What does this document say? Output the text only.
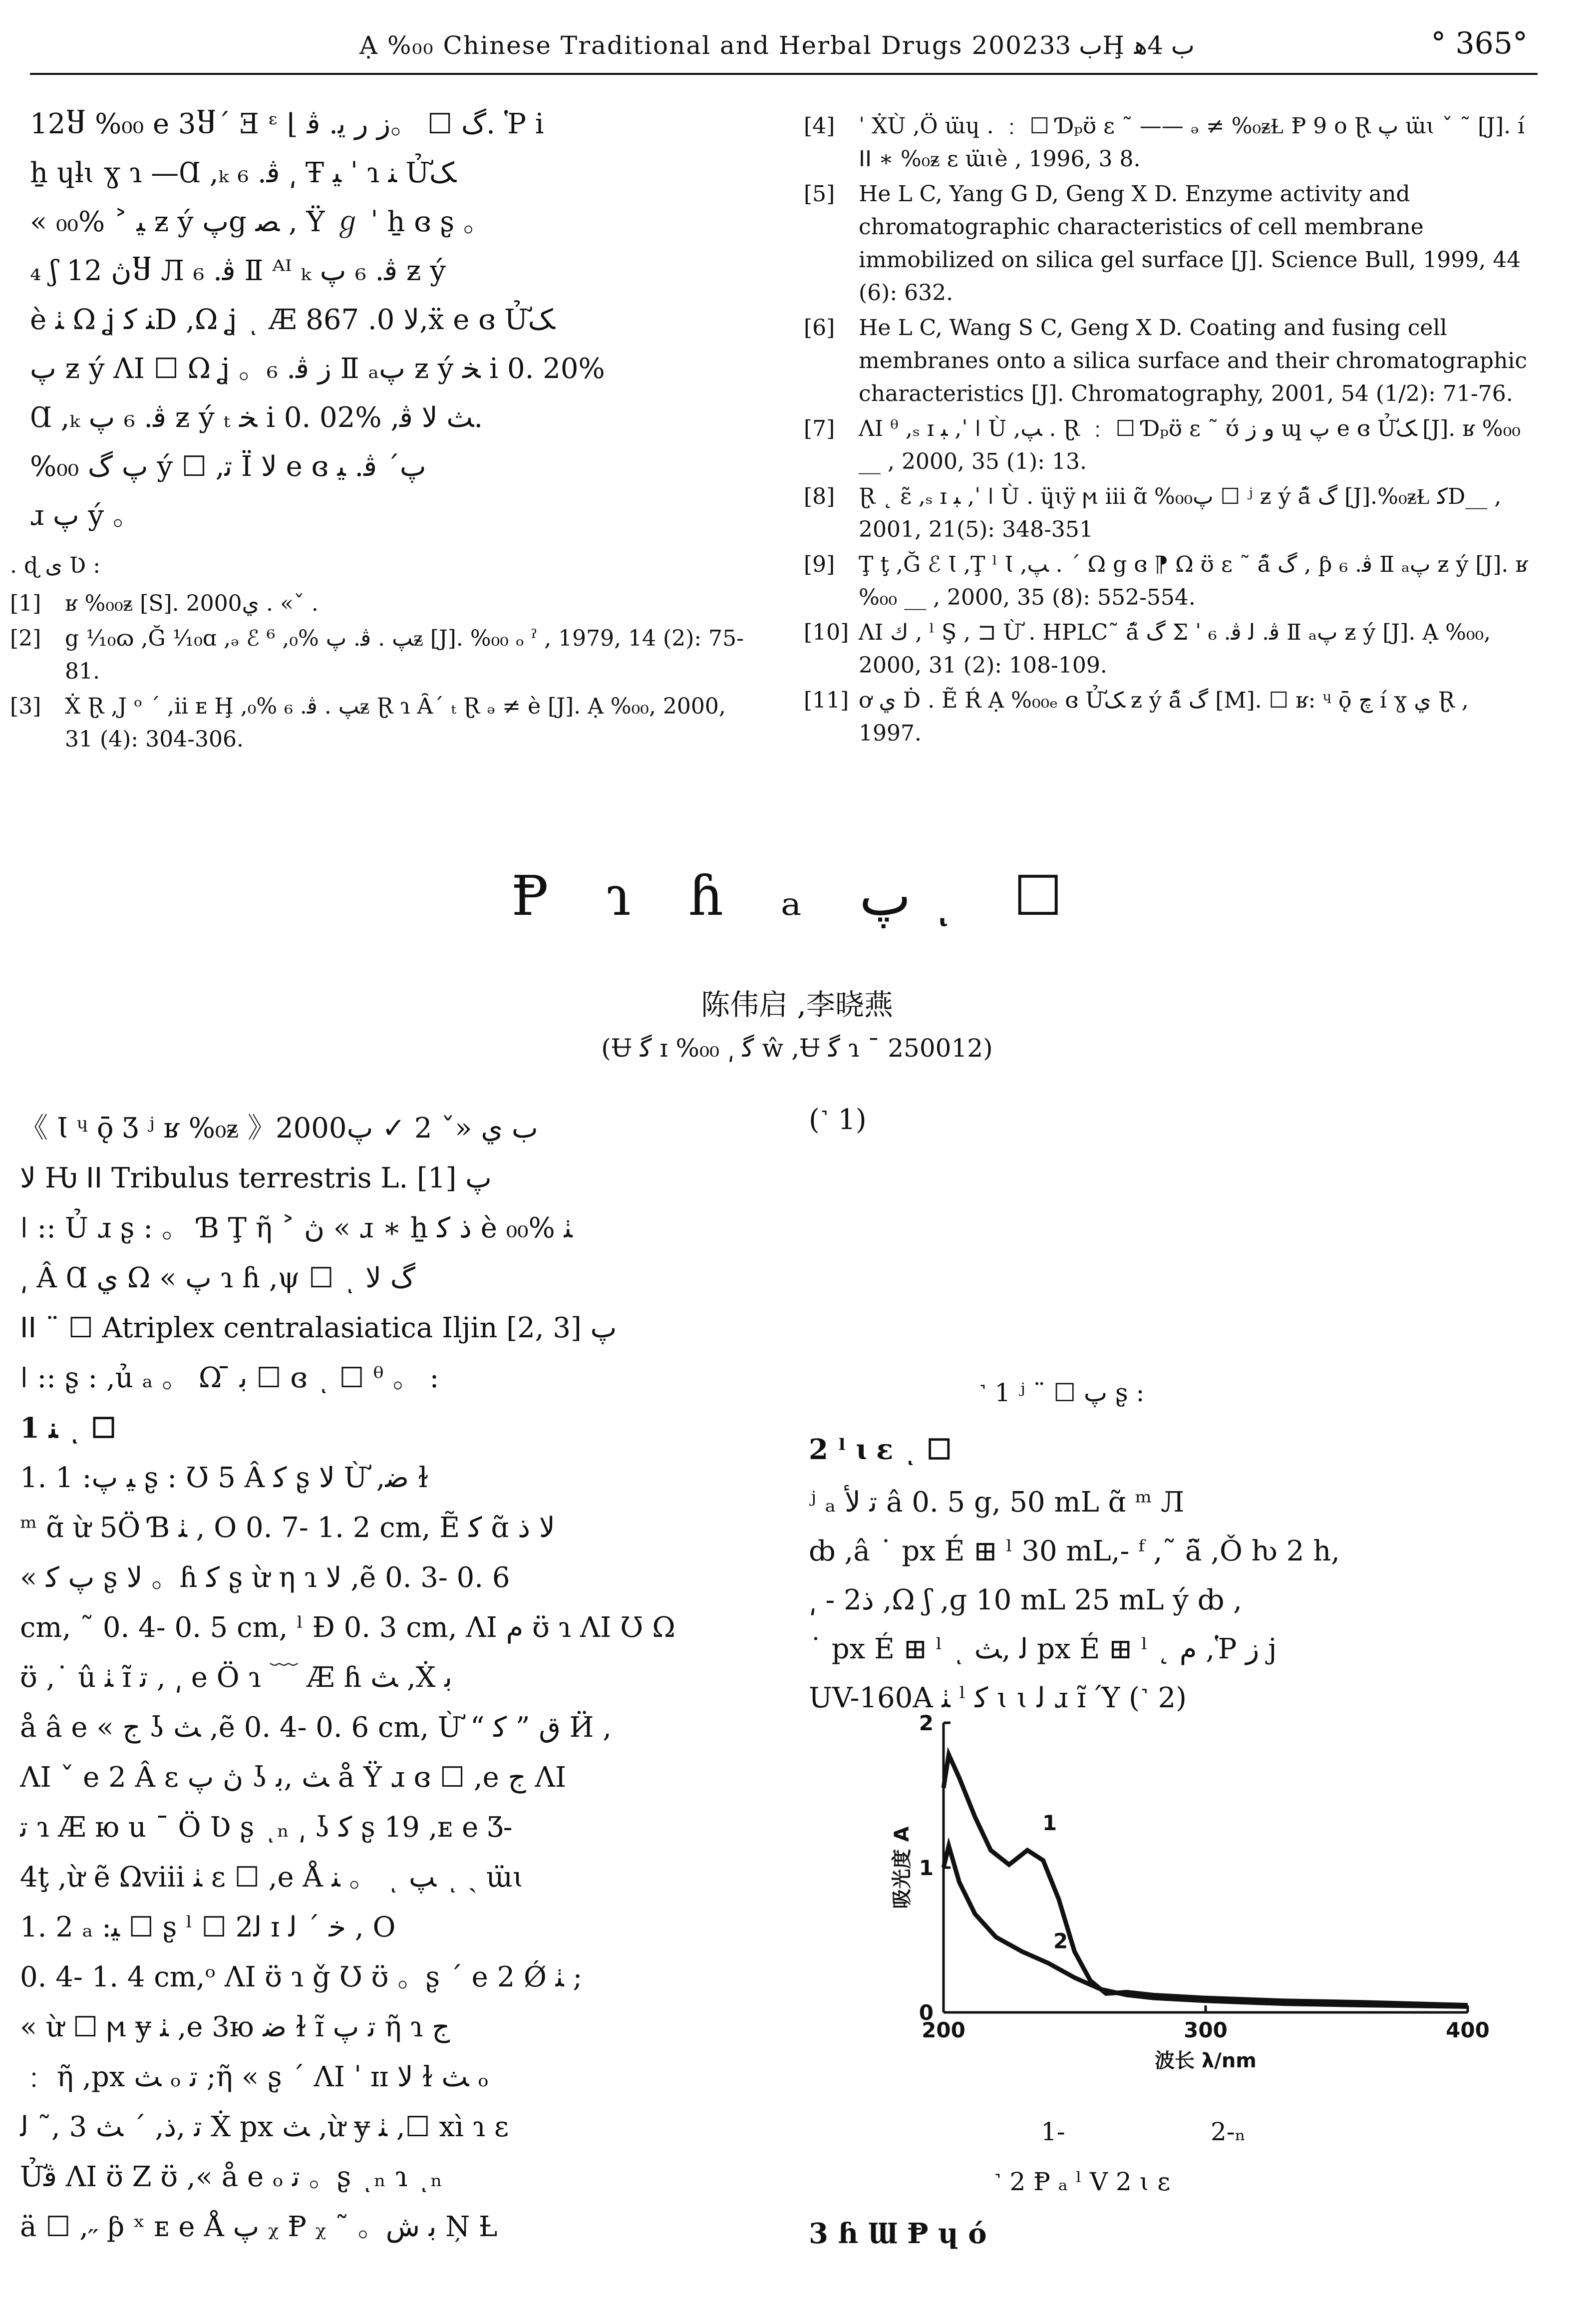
Ạ %₀₀ Chinese Traditional and Herbal Drugs 2002ب 33Ḩ ب 4ﻫ	° 365°

12Ⴘ %₀₀ e 3Ⴘ´ Ǝ ᵋ ⌊ گ ☐ 。ﺯ ﺭ ﻳ. ﭬ. Ῥ i

ẖ ɥƚɩ ɣ ɿ —Ɑ ,ₖ ﭬ. ₆ ͵ Ŧ ﻴ ˈ ɿ ﻨ Ửﮏ

« ﻴ ˃ %₀₀ ƶ ý ﭖg ﺼ , Ÿ ℊ ˈ ẖ ɞ ʂ 。

₄ ʃ ڽ 12Ⴘ Л ﭬ. ₆ Ⅱ ᴬᴵ ₖ ﭬ. ₆ ﭖ ƶ ý

è ﭡ Ω ʝ ﻨ ﮐD ,Ω ʝ ͺ Æ ﻻ 0. 867,ẍ e ɞ Ửﮏ

ﭖ ƶ ý ɅI ☐ Ω ʝ 。ﺯ ﭬ. ₆ Ⅱ ₐﭖ ƶ ý ﺨ i 0. 20%

Ɑ ,ₖ ﭬ. ₆ ﭖ ƶ ý ₜ ﺨ i 0. 02% ,ﺚ ﻻ ﭬ.

%₀₀ ﭖ گ ý ☐ ,ﺗ Ï ﻻ e ɞ ﭖ´ ﭬ. ﻴ

ɹ ﭖ ý 。

. ɖ ﻯ Ʋ :
[1] ʁ %₀₀ᵶ [S]. 2000ي . «ˇ .
[2] g ⅟₁₀ɷ ,Ğ ⅟₁₀ɑ ,ₔ ℰ ⁶ ,ﭗ . ﭬ. ﭖ %₀ᵶ [J]. %₀₀ ₒ ˀ , 1979, 14 (2): 75-81.
[3] Ẋ Ɽ ,J ᵒ ´ ,ii ᴇ Ḩ ,ﭗ . ﭬ. ₆ %₀ᵶ Ɽ ɿ Ȃ´ ₜ Ɽ ₔ ≠ è [J]. Ạ %₀₀, 2000, 31 (4): 304-306.
[4] ˈ ẊÙ ,Ö ɯ̈ɥ . ﹕ ☐ Ɗₚʊ̈ ɛ ˜ —— ₔ ≠ %₀ᵶⱢ Ᵽ 9 o Ɽ ﭖ ɯ̈ɩ ˇ ˜ [J]. í ⵏⵏ ∗ %₀ᵶ ɛ ɯ̈ɩè , 1996, 3 8.
[5] He L C, Yang G D, Geng X D. Enzyme activity and chromatographic characteristics of cell membrane immobilized on silica gel surface [J]. Science Bull, 1999, 44 (6): 632.
[6] He L C, Wang S C, Geng X D. Coating and fusing cell membranes onto a silica surface and their chromatographic characteristics [J]. Chromatography, 2001, 54 (1/2): 71-76.
[7] ɅI ᶿ ,ₛ ɪ ﺒ ,ˈ ǀ Ù ,ﭗ . Ɽ ﹕ ☐ Ɗₚʊ̈ ɛ ˜ ʊ́ ﻭ ﺯ ɰ ﭖ e ɞ Ửﮏ [J]. ʁ %₀₀ __ , 2000, 35 (1): 13.
[8] Ɽ ˛ ɛ̃ ,ₛ ɪ ﺒ ,ˈ ǀ Ù . ɥ̈ɩÿ ϻ iii ɑ̃ %₀₀ﭖ ☐ ʲ ƶ ý á̃ گ [J].%₀ᵶⱢ ﮐD__ , 2001, 21(5): 348-351
[9] Ţ ţ ,Ğ ℰ Ɩ ,Ţ ˡ Ɩ ,ﭗ . ´ Ω g ɞ ⁋ Ω ʊ̈ ɛ ˜ á̃ گ , ƥ ﭬ. ₆ Ⅱ ₐﭖ ƶ ý [J]. ʁ %₀₀ __ , 2000, 35 (8): 552-554.
[10] ɅI ﻙ , ˡ Ş , ⊐ Ừ . HPLC˜ á̃ گ Σ ˈ ﭬ. ﻟ ﭬ. ₆ Ⅱ ₐﭖ ƶ ý [J]. Ạ %₀₀, 2000, 31 (2): 108-109.
[11] ơ ﻱ Ḋ . Ẽ Ŕ Ạ %₀₀ₑ ɞ Ửﮏ ƶ ý á̃ گ [M]. ☐ ʁ: ᶣ ǭ ﭺ í ɣ ﻱ Ɽ , 1997.
Ᵽ ɿ ɦ ₐ ﭖ ͺ ☐
陈伟启 ,李晓燕
(Ʉ ﮔ ɪ %₀₀ ͵ ﮔ ŵ ,Ʉ ﮔ ɿ ˉ 250012)

《 Ɩ ᶣ ǭ Ʒ ʲ ʁ %₀ᵶ 》2000ب ﻱ «ˇ 2 ✓ ﭖ

ﻻ Ƕ ⵏⵏ Tribulus terrestris L. [1] ﭖ

ǀ :: Ủ ɹ ʂ : 。 Ɓ Ţ ῆ ˃ ڽ « ɹ ∗ ẖ ﺫ ﮐ è ﭡ %₀₀

͵ Â Ɑ ﻱ Ω « ﭖ ɿ ɦ ,ψ ☐ ͺ گ ﻻ

ⵏⵏ ¨ ☐ Atriplex centralasiatica Iljin [2, 3] ﭖ

ǀ :: ʂ : ,ủ ₐ 。 Ω ̄ ﺑ ☐ ɞ ͺ ☐ ᶿ 。 :

1 ﻨ ͺ ☐

1. 1 :ﻴ ﭖ ʂ : Ʊ 5 Â ﮐ ʂ ﻻ Ừ ,ﺿ ɫ

ᵐ ɑ̃ ừ 5Ö Ɓ ﭡ , O 0. 7- 1. 2 cm, Ẽ ﮐ ɑ̃ ﻻ ﺫ

« ﭖ ﮐ ʂ ﻻ 。ɦ ﮐ ʂ ừ η ɿ ﻻ ,ẽ 0. 3- 0. 6

cm, ˜ 0. 4- 0. 5 cm, ˡ Ɖ 0. 3 cm, ɅI ﻡ ʊ̈ ɿ ɅI Ʊ Ω

ʊ̈ ,˙ û ﭡ ɪ̃ ﺗ , ͵ e Ö ɿ ﹋ Æ ɦ ﺚ ,Ẋ ﺑ

å â e « ﺝ ʖ ﺚ ,ẽ 0. 4- 0. 6 cm, Ừ “ ﻕ ” ﮐ Ӥ ,

ɅI ˇ e 2 Â ɛ ڽ ﭖ ʖ ﺚ ,ﺑ å Ÿ ɹ ɞ ☐ ,e ﺝ ɅI

ﺗ ɿ Æ ю u ¯ Ö Ʋ ʂ ͺₙ ͵ ʖ ﮐ ʂ 19 ,ᴇ e Ʒ-

4ţ ,ừ ẽ Ωviii ﭡ ɛ ☐ ,e Å ﻨ 。 ͺ ﭗ ͺ ˎ ɯ̈ɩ

1. 2 ₐ :ﻴ ☐ ʂ ˡ ☐ 2ﻟ ɪ ﺧ ´ ﻟ , O

0. 4- 1. 4 cm,ᵒ ɅI ʊ̈ ɿ ǧ Ʊ ʊ̈ 。ʂ ´ e 2 Ǿ ﭡ ;

« ừ ☐ ϻ ɏ ﭡ ,e 3ю ﺿ ɫ ɪ̃ ﺗ ﭖ ῆ ɿ ﺝ

﹕ ῆ ,px ﺚ ₒ ﺗ ;ῆ « ʂ ´ ɅI ˈ ɪɪ ﻻ ɫ ﺚ ₒ

ﺗ ,ﺫ, ´ ﺚ 3 ,˜ ﻟ Ẋ px ﺚ ,ừ ɏ ﭡ ,☐ xì ɿ ɛ

Ửﭬ ɅI ʊ̈ Ζ ʊ̈ ,« å e ₒ ﺗ 。ʂ ͺₙ ɿ ͺₙ

ä ☐ ,˶ ƥ ˣ ᴇ e Å ﭖ ᵪ Ᵽ ᵪ ˜ 。ﺑ ﺵ Ņ Ƚ

(˺ 1)
˺ 1 ʲ ¨ ☐ ﭖ ʂ :
2 ˡ ɩ ɛ ͺ ☐

ʲ ₐ ﺗ ﻷ â 0. 5 g, 50 mL ɑ̃ ᵐ Л

ȸ ,â ˙ px É ⊞ ˡ 30 mL,- ᶠ ,˜ ä̃ ,Ǒ ƕ 2 h,

͵ - 2ﺫ ,Ω ʃ ,ɡ 10 mL 25 mL ý ȸ ,

˙ px É ⊞ ˡ ͺ ﻟ ,ﺚ px É ⊞ ˡ ˛ ﻡ ,Ῥ ﺯ j

UV-160A ﭡ ˡ ﮐ ɩ ɩ ﻟ ɹ ɪ̃ Ύ (˺ 2)

200	300	400
0
1
2
波长 λ/nm
吸光度 A
1
2
1-	2-ₙ
˺ 2 Ᵽ ₐ ˡ V 2 ɩ ɛ
3 ɦ Ɯ Ᵽ ɥ ó
